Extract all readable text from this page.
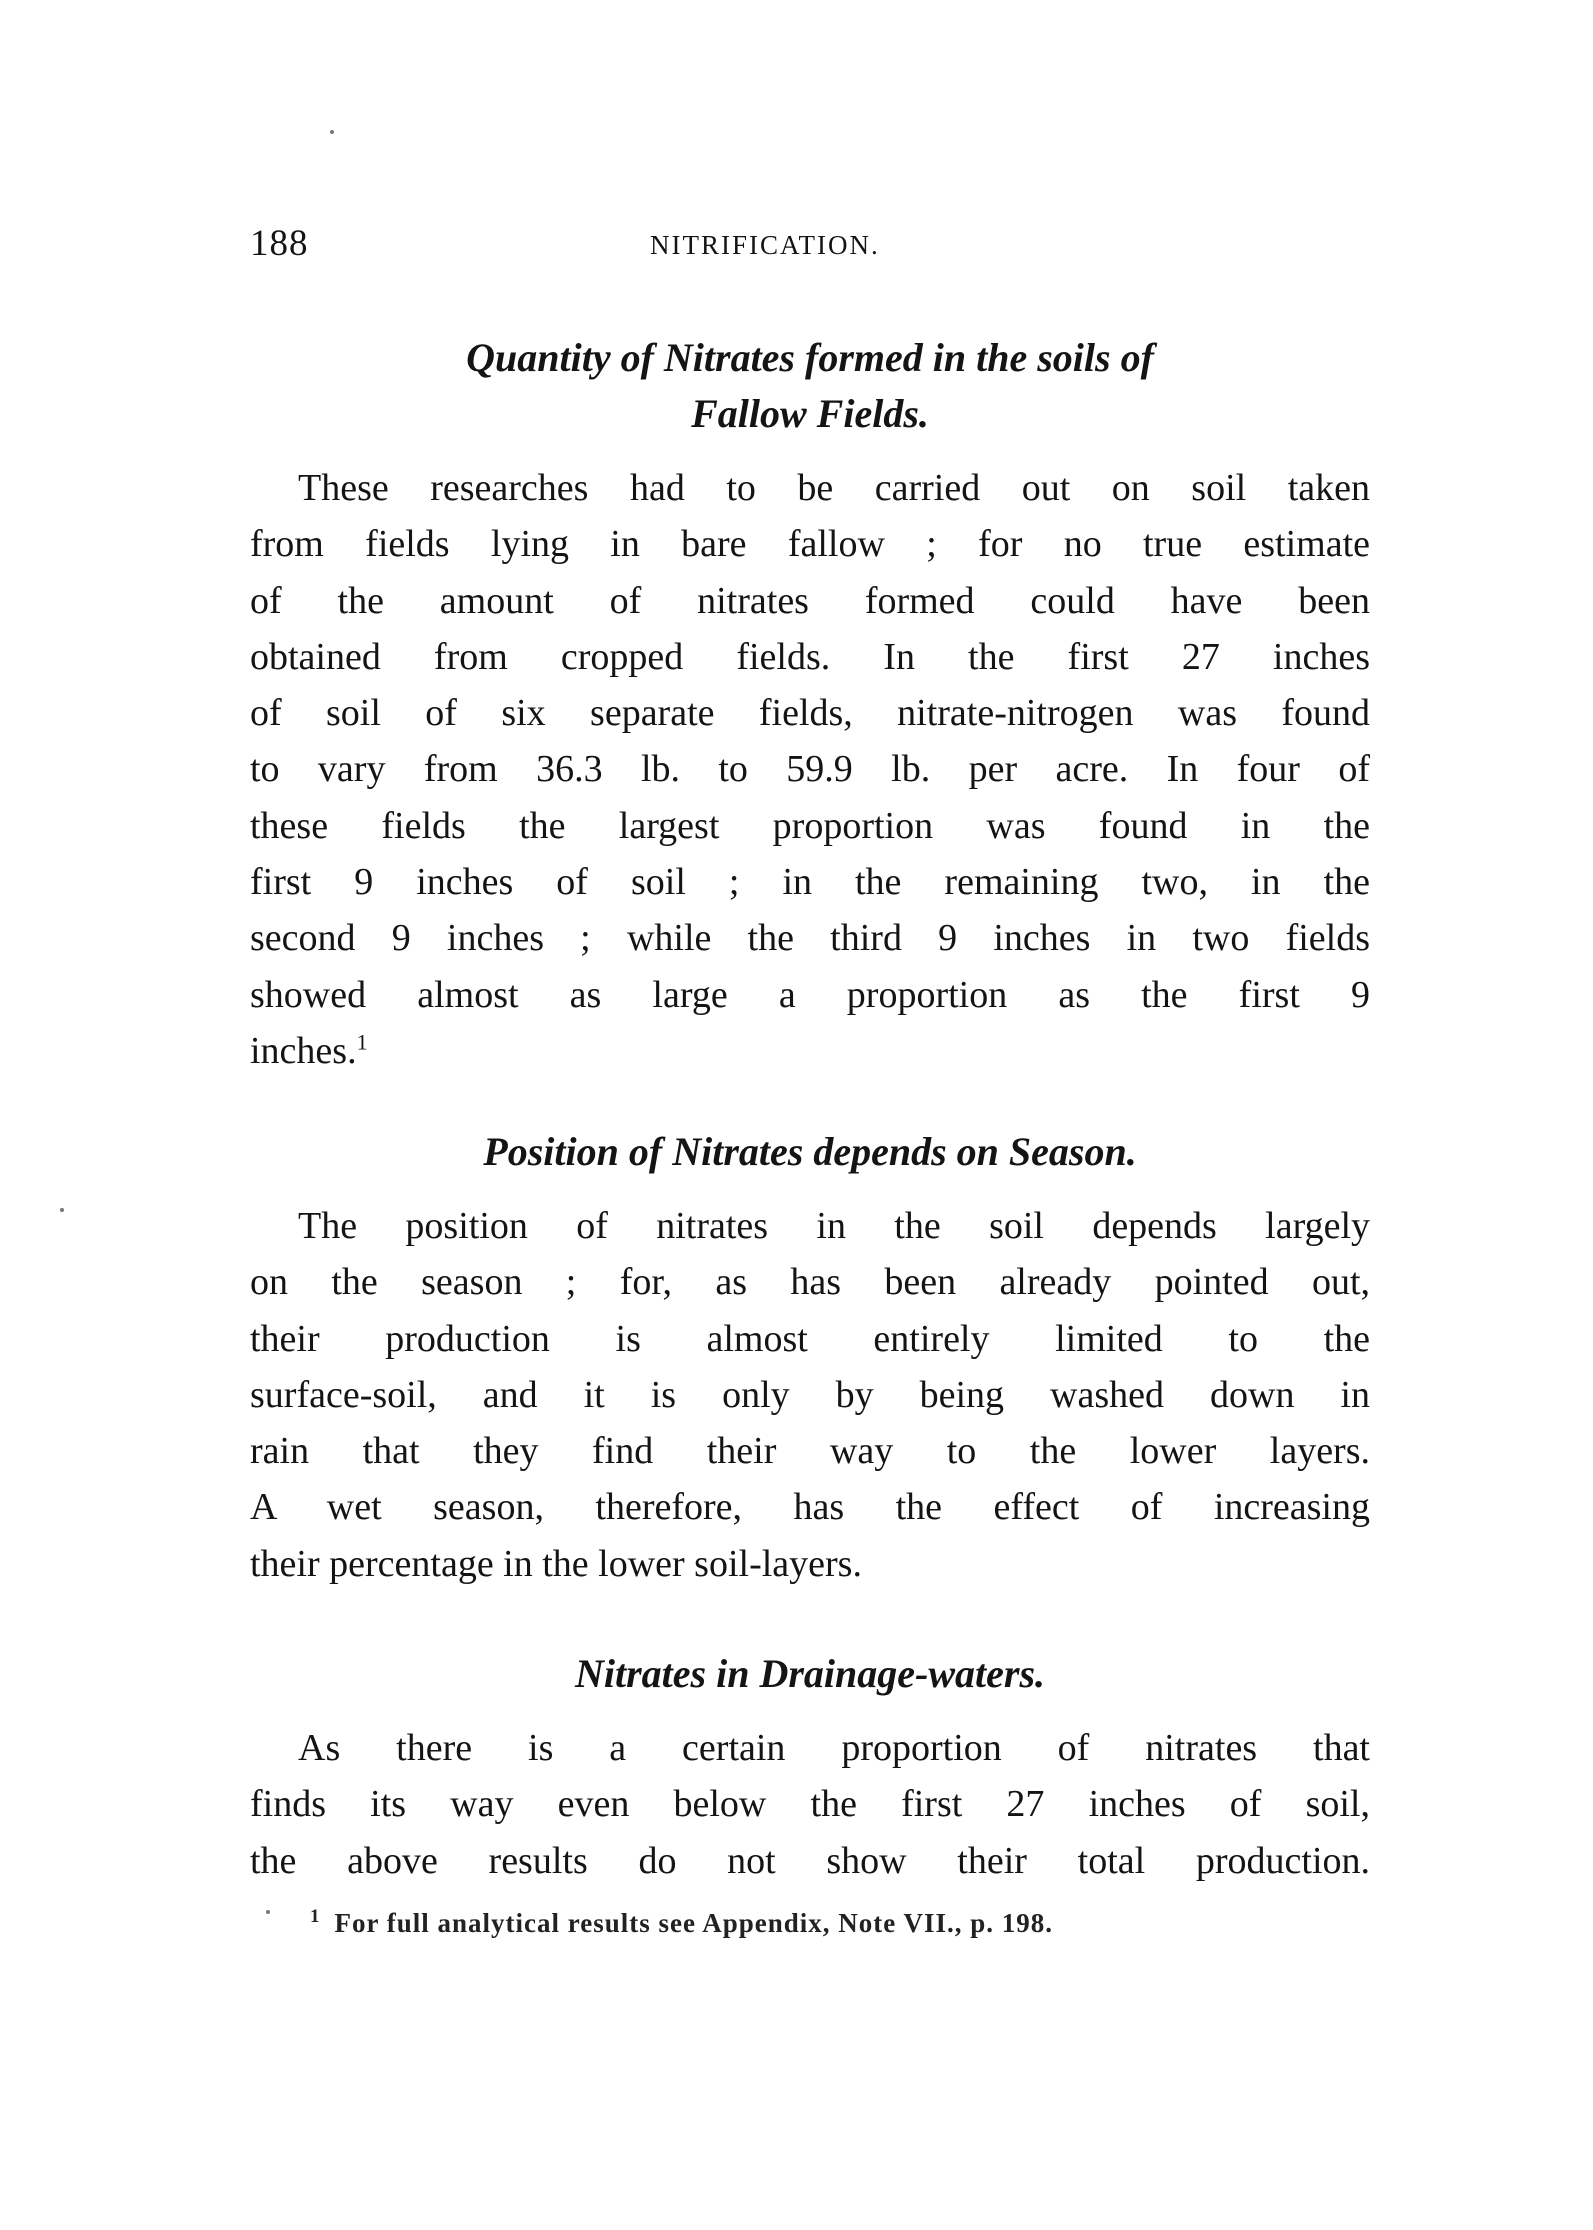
188	NITRIFICATION.
Quantity of Nitrates formed in the soils of
Fallow Fields.

These researches had to be carried out on soil taken
from fields lying in bare fallow ; for no true estimate
of the amount of nitrates formed could have been
obtained from cropped fields. In the first 27 inches
of soil of six separate fields, nitrate-nitrogen was found
to vary from 36.3 lb. to 59.9 lb. per acre. In four of
these fields the largest proportion was found in the
first 9 inches of soil ; in the remaining two, in the
second 9 inches ; while the third 9 inches in two fields
showed almost as large a proportion as the first 9
inches.$^1$

Position of Nitrates depends on Season.

The position of nitrates in the soil depends largely
on the season ; for, as has been already pointed out,
their production is almost entirely limited to the
surface-soil, and it is only by being washed down in
rain that they find their way to the lower layers.
A wet season, therefore, has the effect of increasing
their percentage in the lower soil-layers.

Nitrates in Drainage-waters.

As there is a certain proportion of nitrates that
finds its way even below the first 27 inches of soil,
the above results do not show their total production.

$^1$ For full analytical results see Appendix, Note VII., p. 198.
